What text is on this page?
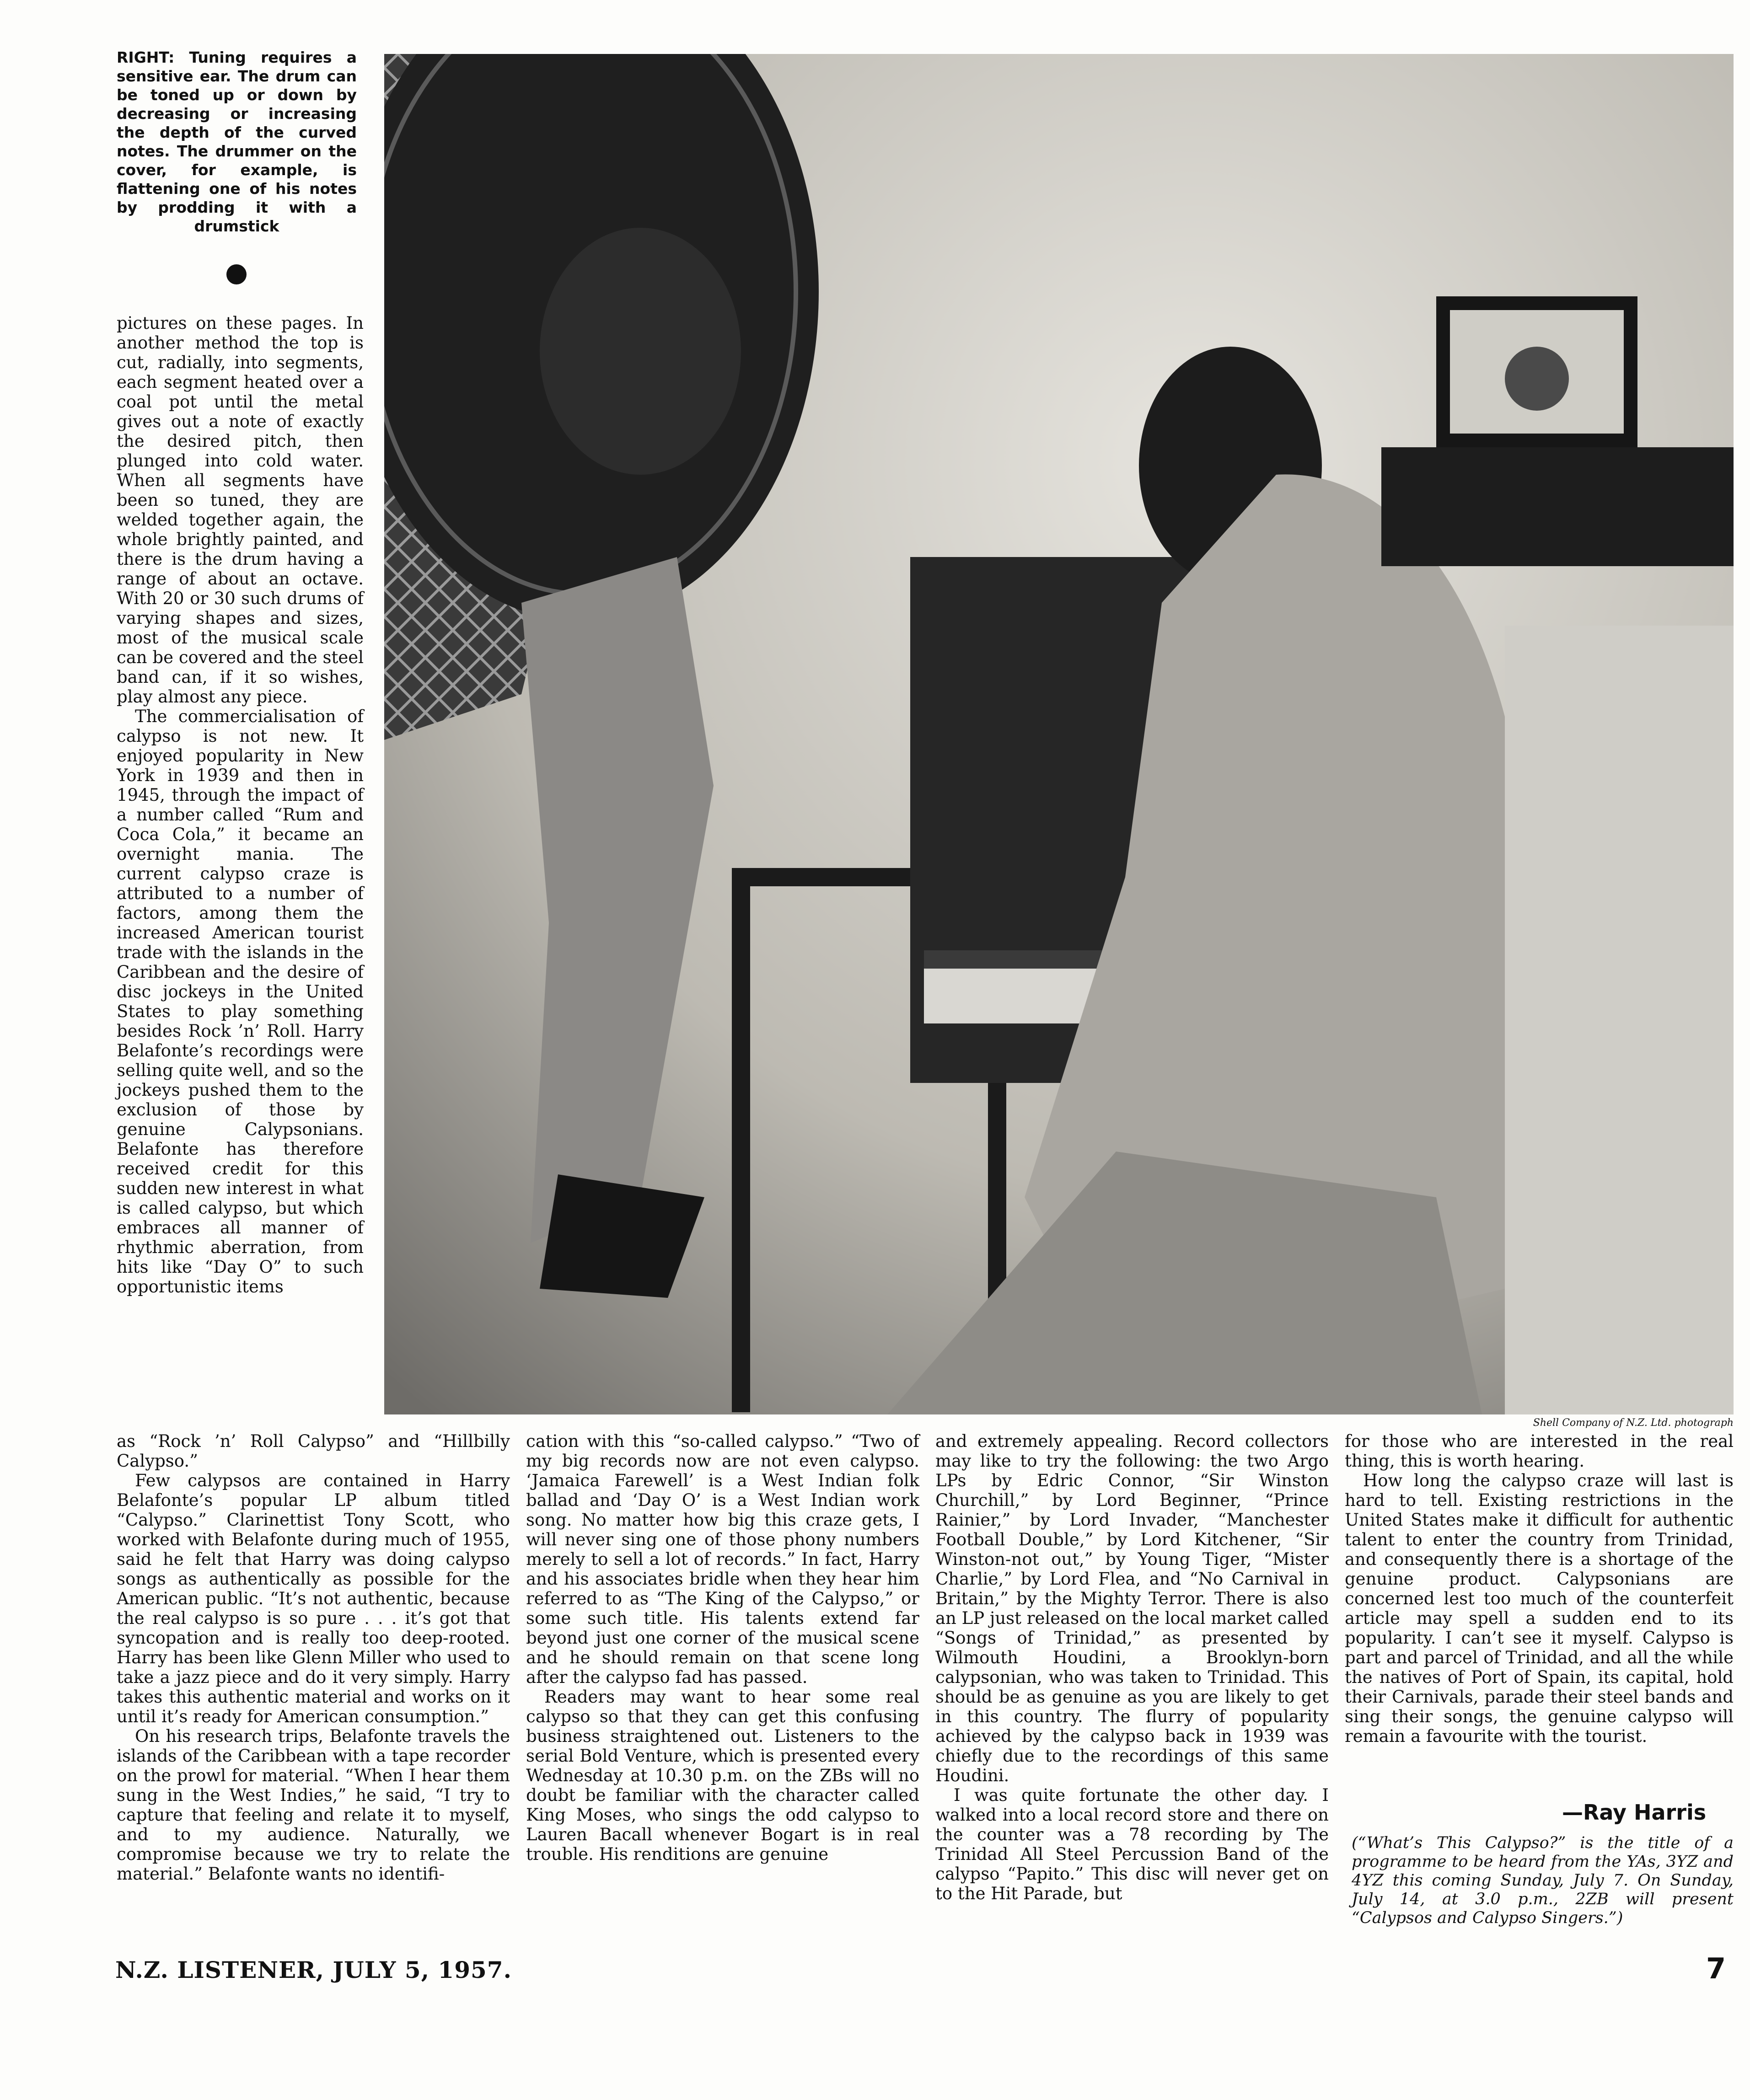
RIGHT: Tuning requires a sensitive ear. The drum can be toned up or down by decreasing or increasing the depth of the curved notes. The drummer on the cover, for example, is flattening one of his notes by prodding it with a drumstick

pictures on these pages. In another method the top is cut, radially, into segments, each segment heated over a coal pot until the metal gives out a note of exactly the desired pitch, then plunged into cold water. When all segments have been so tuned, they are welded together again, the whole brightly painted, and there is the drum having a range of about an octave. With 20 or 30 such drums of varying shapes and sizes, most of the musical scale can be covered and the steel band can, if it so wishes, play almost any piece.

The commercialisation of calypso is not new. It enjoyed popularity in New York in 1939 and then in 1945, through the impact of a number called “Rum and Coca Cola,” it became an overnight mania. The current calypso craze is attributed to a number of factors, among them the increased American tourist trade with the islands in the Caribbean and the desire of disc jockeys in the United States to play something besides Rock ’n’ Roll. Harry Belafonte’s recordings were selling quite well, and so the jockeys pushed them to the exclusion of those by genuine Calypsonians. Belafonte has therefore received credit for this sudden new interest in what is called calypso, but which embraces all manner of rhythmic aberration, from hits like “Day O” to such opportunistic items

Shell Company of N.Z. Ltd. photograph

as “Rock ’n’ Roll Calypso” and “Hillbilly Calypso.”

Few calypsos are contained in Harry Belafonte’s popular LP album titled “Calypso.” Clarinettist Tony Scott, who worked with Belafonte during much of 1955, said he felt that Harry was doing calypso songs as authentically as possible for the American public. “It’s not authentic, because the real calypso is so pure . . . it’s got that syncopation and is really too deep-rooted. Harry has been like Glenn Miller who used to take a jazz piece and do it very simply. Harry takes this authentic material and works on it until it’s ready for American consumption.”

On his research trips, Belafonte travels the islands of the Caribbean with a tape recorder on the prowl for material. “When I hear them sung in the West Indies,” he said, “I try to capture that feeling and relate it to myself, and to my audience. Naturally, we compromise because we try to relate the material.” Belafonte wants no identifi-

cation with this “so-called calypso.” “Two of my big records now are not even calypso. ‘Jamaica Farewell’ is a West Indian folk ballad and ‘Day O’ is a West Indian work song. No matter how big this craze gets, I will never sing one of those phony numbers merely to sell a lot of records.” In fact, Harry and his associates bridle when they hear him referred to as “The King of the Calypso,” or some such title. His talents extend far beyond just one corner of the musical scene and he should remain on that scene long after the calypso fad has passed.

Readers may want to hear some real calypso so that they can get this confusing business straightened out. Listeners to the serial Bold Venture, which is presented every Wednesday at 10.30 p.m. on the ZBs will no doubt be familiar with the character called King Moses, who sings the odd calypso to Lauren Bacall whenever Bogart is in real trouble. His renditions are genuine

and extremely appealing. Record collectors may like to try the following: the two Argo LPs by Edric Connor, “Sir Winston Churchill,” by Lord Beginner, “Prince Rainier,” by Lord Invader, “Manchester Football Double,” by Lord Kitchener, “Sir Winston-not out,” by Young Tiger, “Mister Charlie,” by Lord Flea, and “No Carnival in Britain,” by the Mighty Terror. There is also an LP just released on the local market called “Songs of Trinidad,” as presented by Wilmouth Houdini, a Brooklyn-born calypsonian, who was taken to Trinidad. This should be as genuine as you are likely to get in this country. The flurry of popularity achieved by the calypso back in 1939 was chiefly due to the recordings of this same Houdini.

I was quite fortunate the other day. I walked into a local record store and there on the counter was a 78 recording by The Trinidad All Steel Percussion Band of the calypso “Papito.” This disc will never get on to the Hit Parade, but

for those who are interested in the real thing, this is worth hearing.

How long the calypso craze will last is hard to tell. Existing restrictions in the United States make it difficult for authentic talent to enter the country from Trinidad, and consequently there is a shortage of the genuine product. Calypsonians are concerned lest too much of the counterfeit article may spell a sudden end to its popularity. I can’t see it myself. Calypso is part and parcel of Trinidad, and all the while the natives of Port of Spain, its capital, hold their Carnivals, parade their steel bands and sing their songs, the genuine calypso will remain a favourite with the tourist.

—Ray Harris
(“What’s This Calypso?” is the title of a programme to be heard from the YAs, 3YZ and 4YZ this coming Sunday, July 7. On Sunday, July 14, at 3.0 p.m., 2ZB will present “Calypsos and Calypso Singers.”)
N.Z. LISTENER, JULY 5, 1957.	7
